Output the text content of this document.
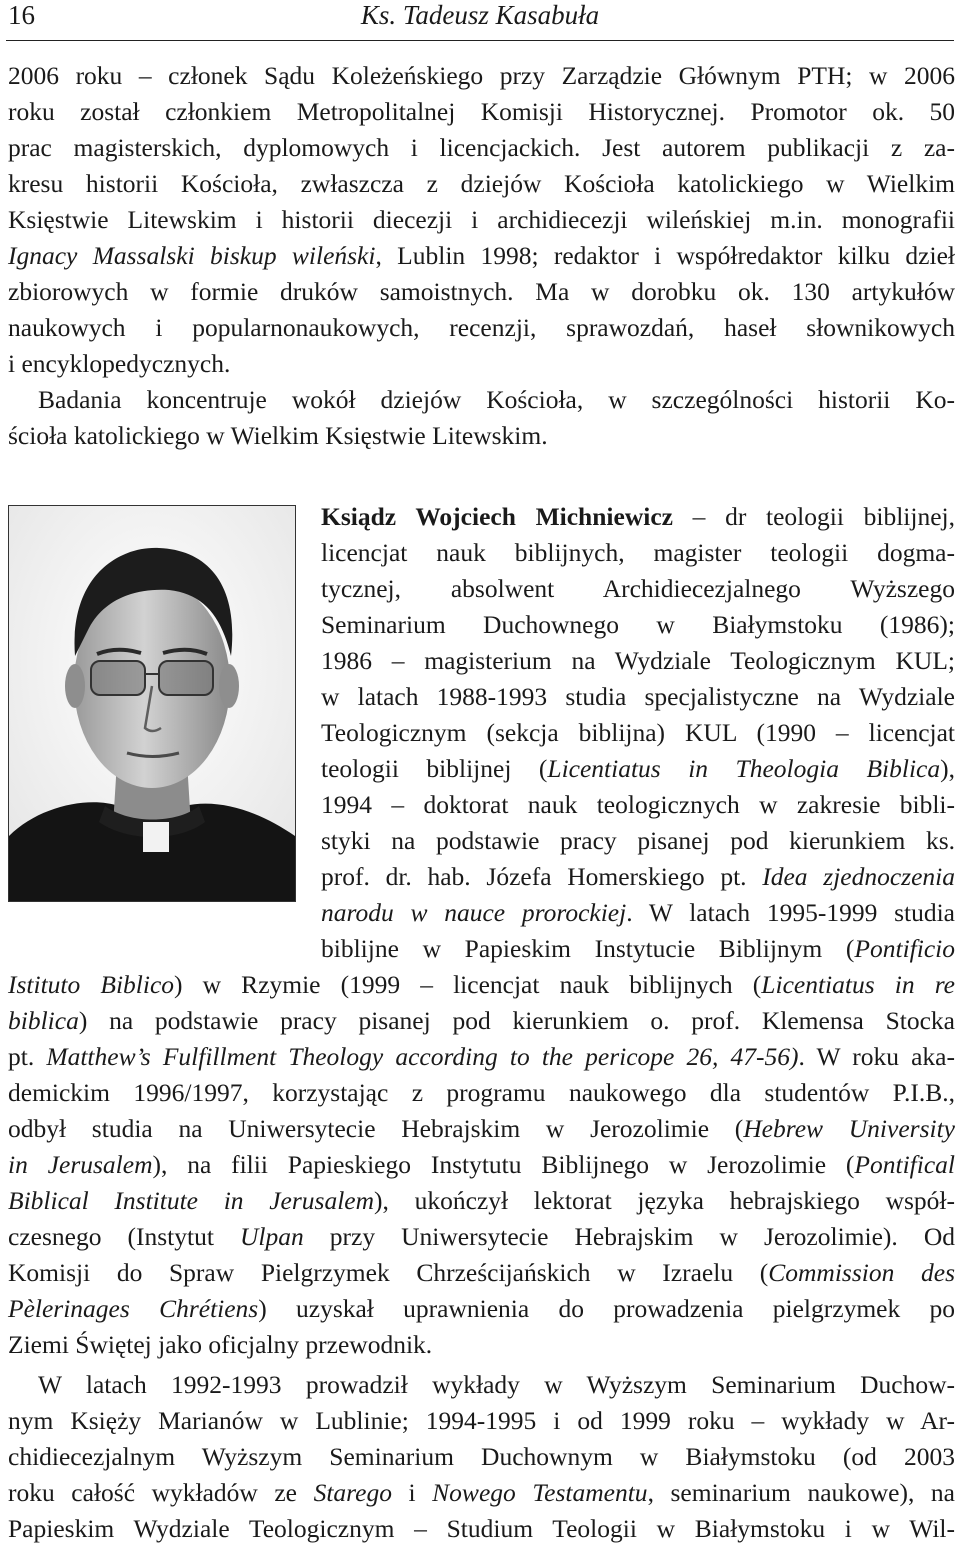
16	Ks. Tadeusz Kasabuła
2006 roku – członek Sądu Koleżeńskiego przy Zarządzie Głównym PTH; w 2006
roku został członkiem Metropolitalnej Komisji Historycznej. Promotor ok. 50
prac magisterskich, dyplomowych i licencjackich. Jest autorem publikacji z za-
kresu historii Kościoła, zwłaszcza z dziejów Kościoła katolickiego w Wielkim
Księstwie Litewskim i historii diecezji i archidiecezji wileńskiej m.in. monografii
Ignacy Massalski biskup wileński, Lublin 1998; redaktor i współredaktor kilku dzieł
zbiorowych w formie druków samoistnych. Ma w dorobku ok. 130 artykułów
naukowych i popularnonaukowych, recenzji, sprawozdań, haseł słownikowych
i encyklopedycznych.
Badania koncentruje wokół dziejów Kościoła, w szczególności historii Ko-
ścioła katolickiego w Wielkim Księstwie Litewskim.
Ksiądz Wojciech Michniewicz – dr teologii biblijnej,
licencjat nauk biblijnych, magister teologii dogma-
tycznej, absolwent Archidiecezjalnego Wyższego
Seminarium Duchownego w Białymstoku (1986);
1986 – magisterium na Wydziale Teologicznym KUL;
w latach 1988-1993 studia specjalistyczne na Wydziale
Teologicznym (sekcja biblijna) KUL (1990 – licencjat
teologii biblijnej (Licentiatus in Theologia Biblica),
1994 – doktorat nauk teologicznych w zakresie bibli-
styki na podstawie pracy pisanej pod kierunkiem ks.
prof. dr. hab. Józefa Homerskiego pt. Idea zjednoczenia
narodu w nauce prorockiej. W latach 1995-1999 studia
biblijne w Papieskim Instytucie Biblijnym (Pontificio
Istituto Biblico) w Rzymie (1999 – licencjat nauk biblijnych (Licentiatus in re
biblica) na podstawie pracy pisanej pod kierunkiem o. prof. Klemensa Stocka
pt. Matthew’s Fulfillment Theology according to the pericope 26, 47-56). W roku aka-
demickim 1996/1997, korzystając z programu naukowego dla studentów P.I.B.,
odbył studia na Uniwersytecie Hebrajskim w Jerozolimie (Hebrew University
in Jerusalem), na filii Papieskiego Instytutu Biblijnego w Jerozolimie (Pontifical
Biblical Institute in Jerusalem), ukończył lektorat języka hebrajskiego współ-
czesnego (Instytut Ulpan przy Uniwersytecie Hebrajskim w Jerozolimie). Od
Komisji do Spraw Pielgrzymek Chrześcijańskich w Izraelu (Commission des
Pèlerinages Chrétiens) uzyskał uprawnienia do prowadzenia pielgrzymek po
Ziemi Świętej jako oficjalny przewodnik.
W latach 1992-1993 prowadził wykłady w Wyższym Seminarium Duchow-
nym Księży Marianów w Lublinie; 1994-1995 i od 1999 roku – wykłady w Ar-
chidiecezjalnym Wyższym Seminarium Duchownym w Białymstoku (od 2003
roku całość wykładów ze Starego i Nowego Testamentu, seminarium naukowe), na
Papieskim Wydziale Teologicznym – Studium Teologii w Białymstoku i w Wil-
